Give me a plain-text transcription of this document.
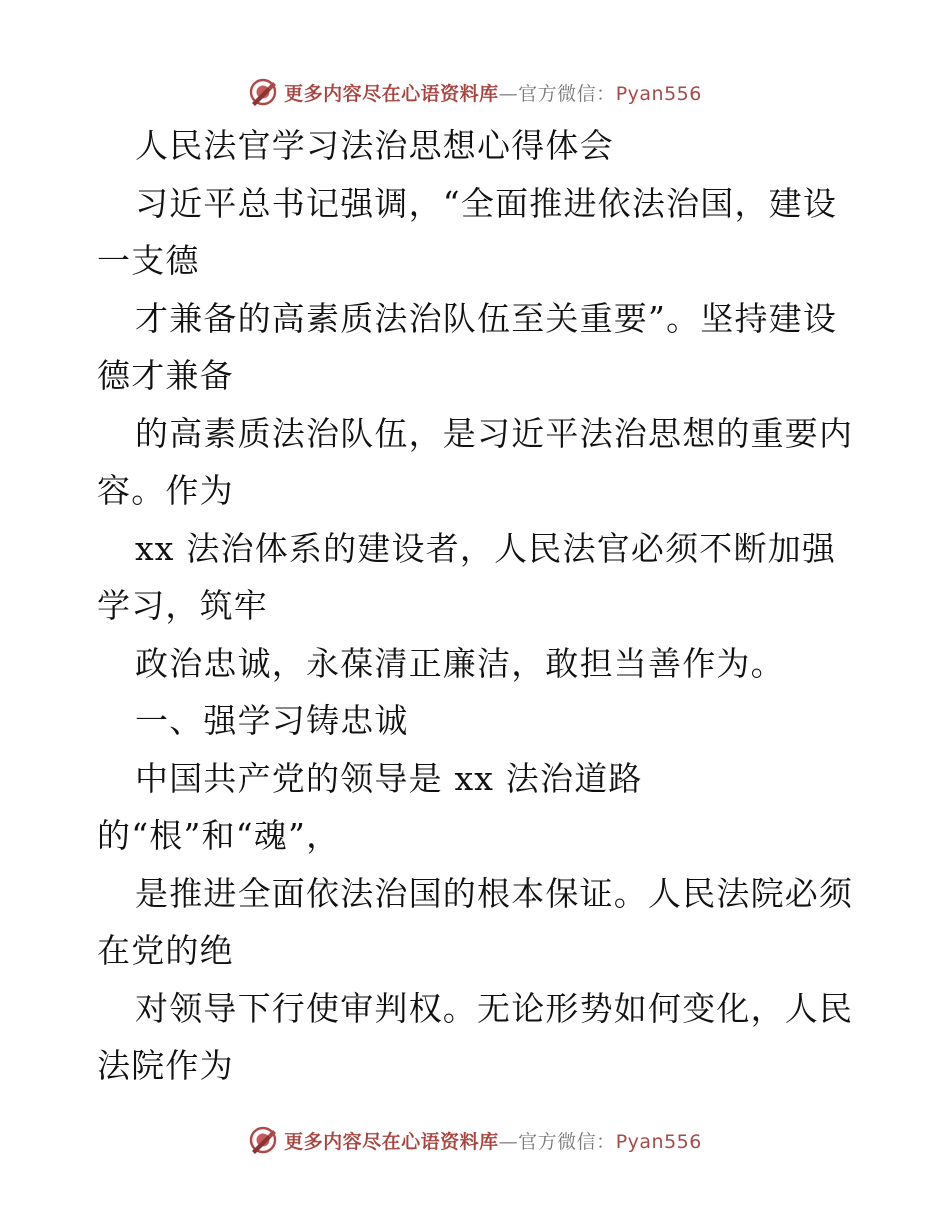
更多内容尽在心语资料库—官方微信：Pyan556
人民法官学习法治思想心得体会
习近平总书记强调，“全面推进依法治国，建设
一支德
才兼备的高素质法治队伍至关重要”。坚持建设
德才兼备
的高素质法治队伍，是习近平法治思想的重要内
容。作为
xx 法治体系的建设者，人民法官必须不断加强
学习，筑牢
政治忠诚，永葆清正廉洁，敢担当善作为。
一、强学习铸忠诚
中国共产党的领导是 xx 法治道路
的“根”和“魂”，
是推进全面依法治国的根本保证。人民法院必须
在党的绝
对领导下行使审判权。无论形势如何变化，人民
法院作为
更多内容尽在心语资料库—官方微信：Pyan556
